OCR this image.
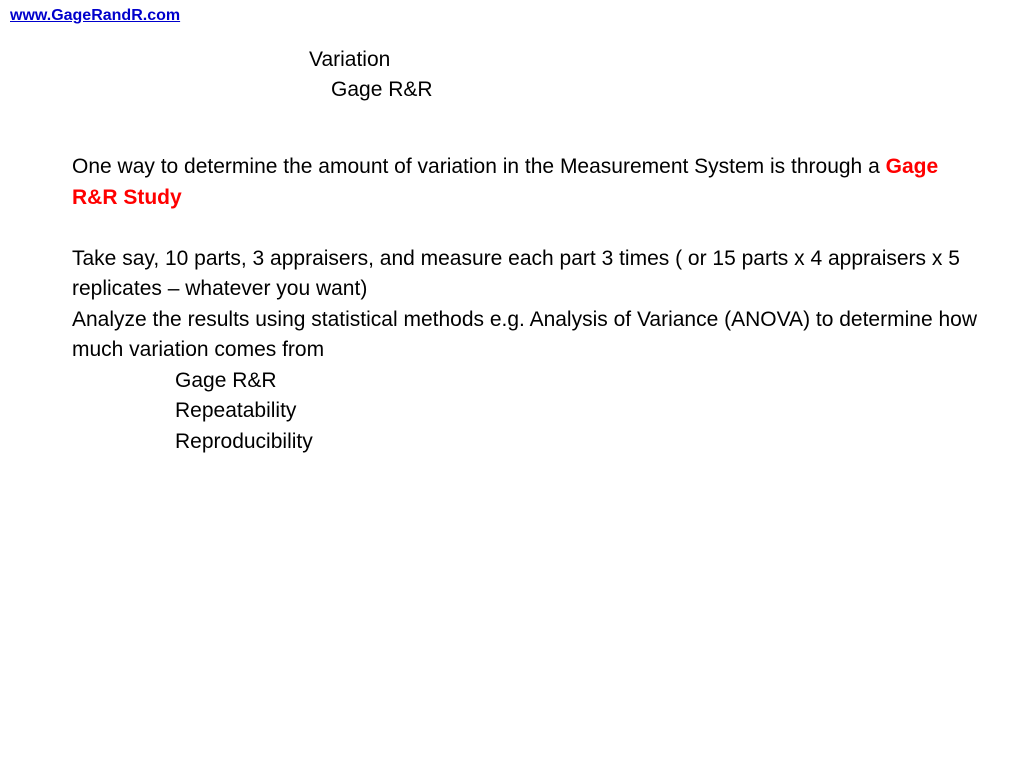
www.GageRandR.com
Variation
Gage R&R

One way to determine the amount of variation in the Measurement System is through a Gage R&R Study

Take say, 10 parts, 3 appraisers, and measure each part 3 times ( or 15 parts x 4 appraisers x 5 replicates – whatever you want)

Analyze the results using statistical methods e.g. Analysis of Variance (ANOVA) to determine how much variation comes from

Gage R&R
Repeatability
Reproducibility
